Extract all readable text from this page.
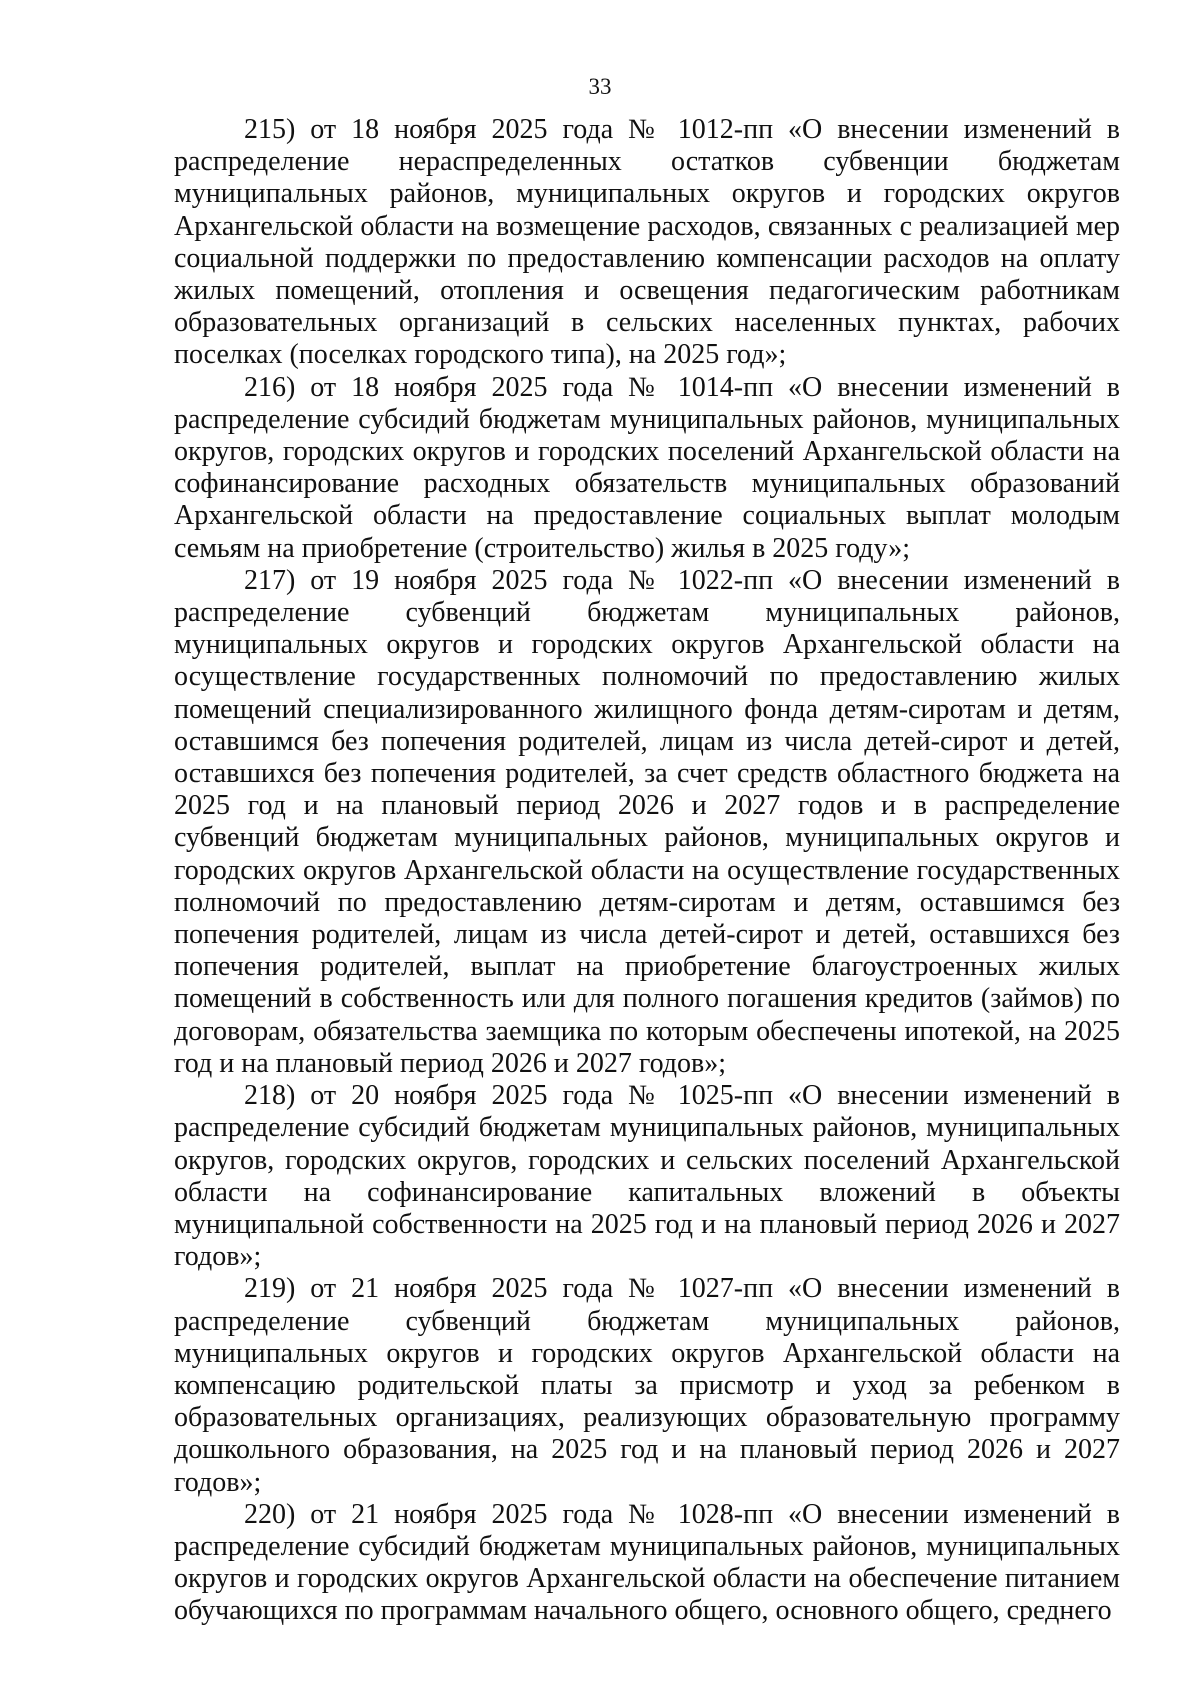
33

215) от 18 ноября 2025 года № 1012-пп «О внесении изменений в распределение нераспределенных остатков субвенции бюджетам муниципальных районов, муниципальных округов и городских округов Архангельской области на возмещение расходов, связанных с реализацией мер социальной поддержки по предоставлению компенсации расходов на оплату жилых помещений, отопления и освещения педагогическим работникам образовательных организаций в сельских населенных пунктах, рабочих поселках (поселках городского типа), на 2025 год»;

216) от 18 ноября 2025 года № 1014-пп «О внесении изменений в распределение субсидий бюджетам муниципальных районов, муниципальных округов, городских округов и городских поселений Архангельской области на софинансирование расходных обязательств муниципальных образований Архангельской области на предоставление социальных выплат молодым семьям на приобретение (строительство) жилья в 2025 году»;

217) от 19 ноября 2025 года № 1022-пп «О внесении изменений в распределение субвенций бюджетам муниципальных районов, муниципальных округов и городских округов Архангельской области на осуществление государственных полномочий по предоставлению жилых помещений специализированного жилищного фонда детям-сиротам и детям, оставшимся без попечения родителей, лицам из числа детей-сирот и детей, оставшихся без попечения родителей, за счет средств областного бюджета на 2025 год и на плановый период 2026 и 2027 годов и в распределение субвенций бюджетам муниципальных районов, муниципальных округов и городских округов Архангельской области на осуществление государственных полномочий по предоставлению детям-сиротам и детям, оставшимся без попечения родителей, лицам из числа детей-сирот и детей, оставшихся без попечения родителей, выплат на приобретение благоустроенных жилых помещений в собственность или для полного погашения кредитов (займов) по договорам, обязательства заемщика по которым обеспечены ипотекой, на 2025 год и на плановый период 2026 и 2027 годов»;

218) от 20 ноября 2025 года № 1025-пп «О внесении изменений в распределение субсидий бюджетам муниципальных районов, муниципальных округов, городских округов, городских и сельских поселений Архангельской области на софинансирование капитальных вложений в объекты муниципальной собственности на 2025 год и на плановый период 2026 и 2027 годов»;

219) от 21 ноября 2025 года № 1027-пп «О внесении изменений в распределение субвенций бюджетам муниципальных районов, муниципальных округов и городских округов Архангельской области на компенсацию родительской платы за присмотр и уход за ребенком в образовательных организациях, реализующих образовательную программу дошкольного образования, на 2025 год и на плановый период 2026 и 2027 годов»;

220) от 21 ноября 2025 года № 1028-пп «О внесении изменений в распределение субсидий бюджетам муниципальных районов, муниципальных округов и городских округов Архангельской области на обеспечение питанием обучающихся по программам начального общего, основного общего, среднего
